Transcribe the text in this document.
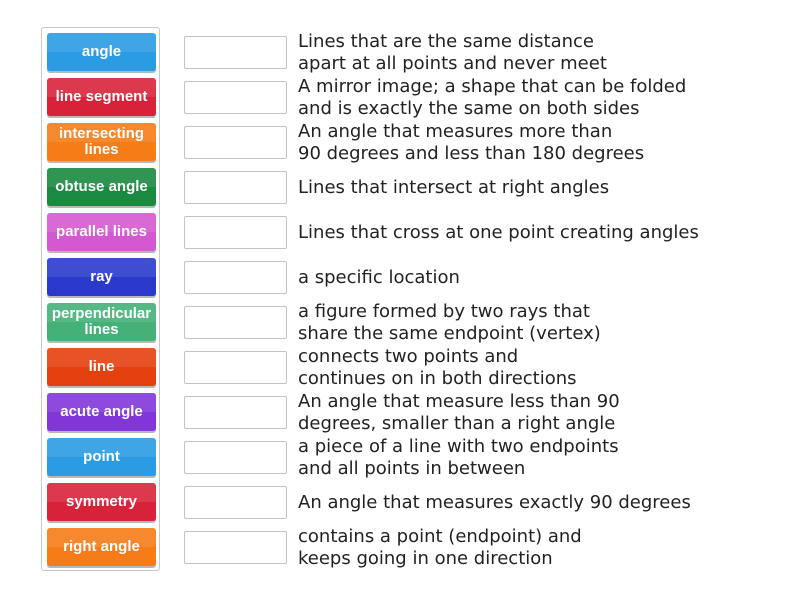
angle
line segment
intersecting lines
obtuse angle
parallel lines
ray
perpendicular lines
line
acute angle
point
symmetry
right angle
Lines that are the same distance
apart at all points and never meet
A mirror image; a shape that can be folded
and is exactly the same on both sides
An angle that measures more than
90 degrees and less than 180 degrees
Lines that intersect at right angles
Lines that cross at one point creating angles
a specific location
a figure formed by two rays that
share the same endpoint (vertex)
connects two points and
continues on in both directions
An angle that measure less than 90
degrees, smaller than a right angle
a piece of a line with two endpoints
and all points in between
An angle that measures exactly 90 degrees
contains a point (endpoint) and
keeps going in one direction
